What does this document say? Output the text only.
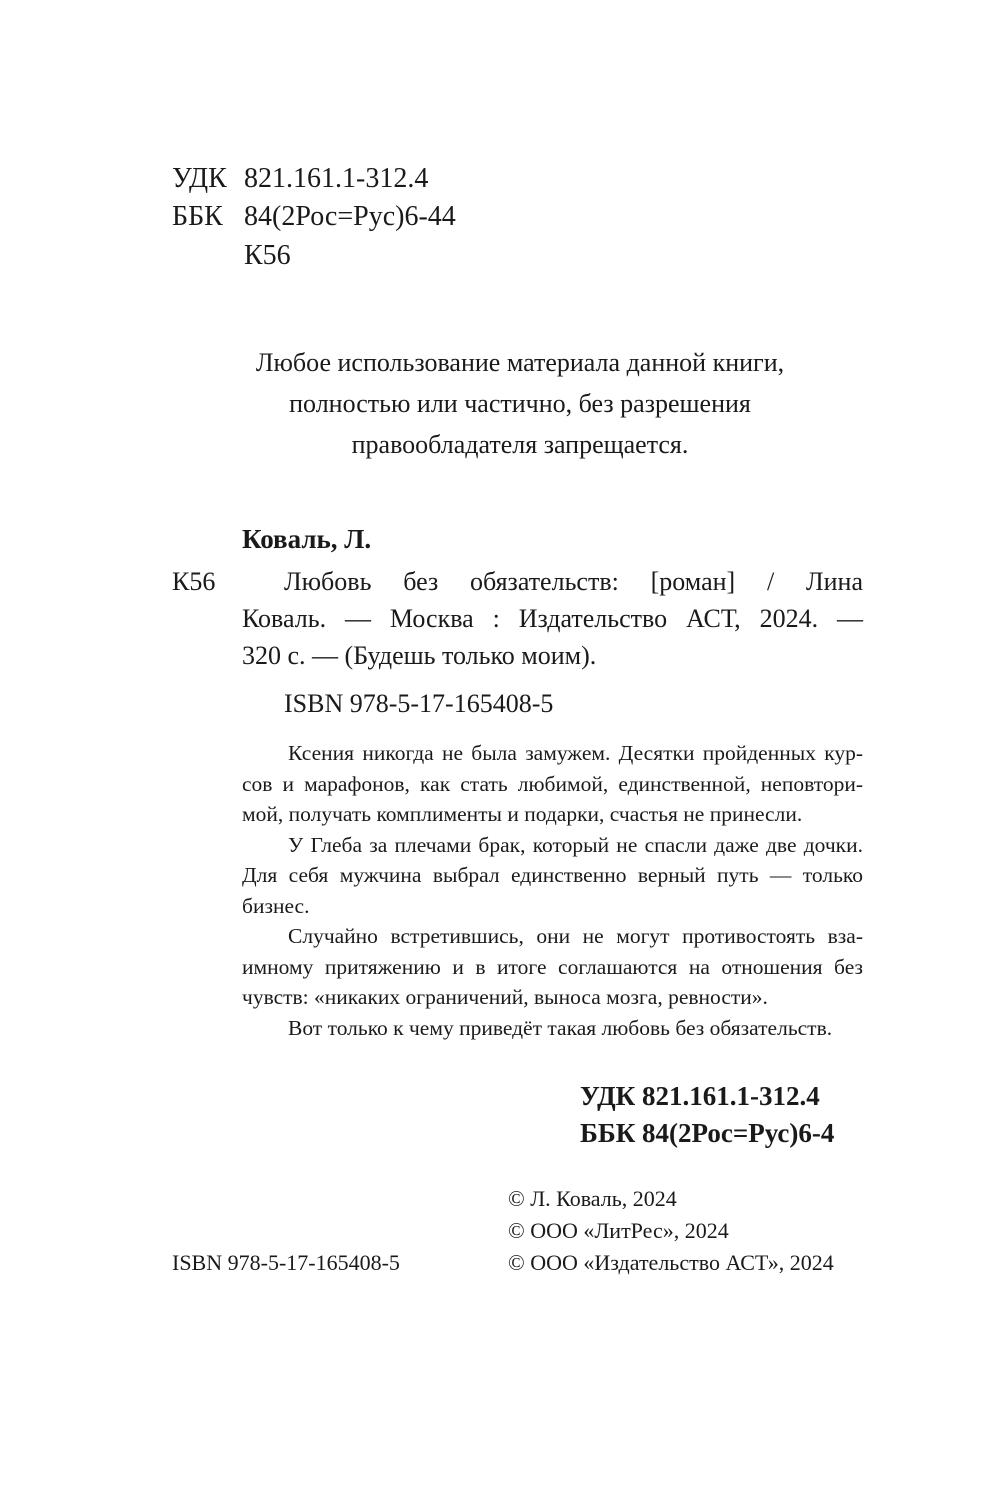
УДК 821.161.1-312.4
ББК 84(2Рос=Рус)6-44
К56
Любое использование материала данной книги,
полностью или частично, без разрешения
правообладателя запрещается.
Коваль, Л.
К56	Любовь без обязательств: [роман] / Лина
Коваль. — Москва : Издательство АСТ, 2024. —
320 с. — (Будешь только моим).
ISBN 978-5-17-165408-5
Ксения никогда не была замужем. Десятки пройденных кур-
сов и марафонов, как стать любимой, единственной, неповтори-
мой, получать комплименты и подарки, счастья не принесли.
У Глеба за плечами брак, который не спасли даже две дочки.
Для себя мужчина выбрал единственно верный путь — только
бизнес.
Случайно встретившись, они не могут противостоять вза-
имному притяжению и в итоге соглашаются на отношения без
чувств: «никаких ограничений, выноса мозга, ревности».
Вот только к чему приведёт такая любовь без обязательств.
УДК 821.161.1-312.4
ББК 84(2Рос=Рус)6-4
© Л. Коваль, 2024
© ООО «ЛитРес», 2024
© ООО «Издательство АСТ», 2024
ISBN 978-5-17-165408-5
